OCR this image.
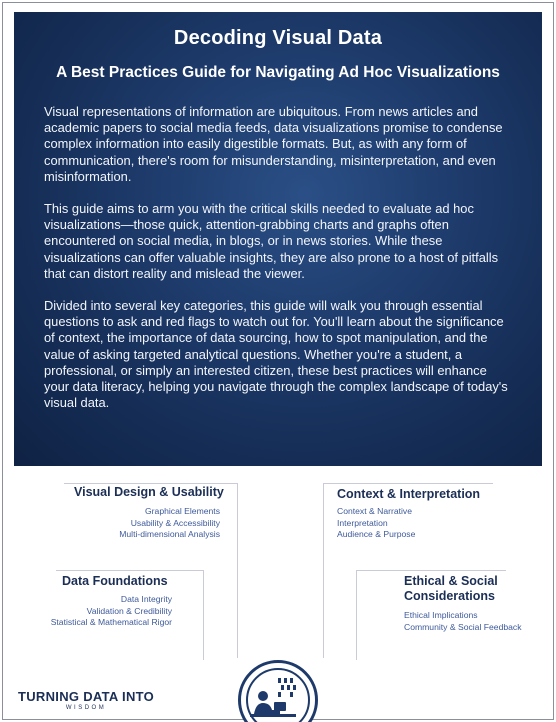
Decoding Visual Data
A Best Practices Guide for Navigating Ad Hoc Visualizations

Visual representations of information are ubiquitous. From news articles and academic papers to social media feeds, data visualizations promise to condense complex information into easily digestible formats. But, as with any form of communication, there's room for misunderstanding, misinterpretation, and even misinformation.

This guide aims to arm you with the critical skills needed to evaluate ad hoc visualizations—those quick, attention-grabbing charts and graphs often encountered on social media, in blogs, or in news stories. While these visualizations can offer valuable insights, they are also prone to a host of pitfalls that can distort reality and mislead the viewer.

Divided into several key categories, this guide will walk you through essential questions to ask and red flags to watch out for. You'll learn about the significance of context, the importance of data sourcing, how to spot manipulation, and the value of asking targeted analytical questions. Whether you're a student, a professional, or simply an interested citizen, these best practices will enhance your data literacy, helping you navigate through the complex landscape of today's visual data.

Visual Design & Usability
Graphical Elements
Usability & Accessibility
Multi-dimensional Analysis
Context & Interpretation
Context & Narrative
Interpretation
Audience & Purpose
Data Foundations
Data Integrity
Validation & Credibility
Statistical & Mathematical Rigor
Ethical & Social
Considerations
Ethical Implications
Community & Social Feedback
TURNING DATA INTO
WISDOM
